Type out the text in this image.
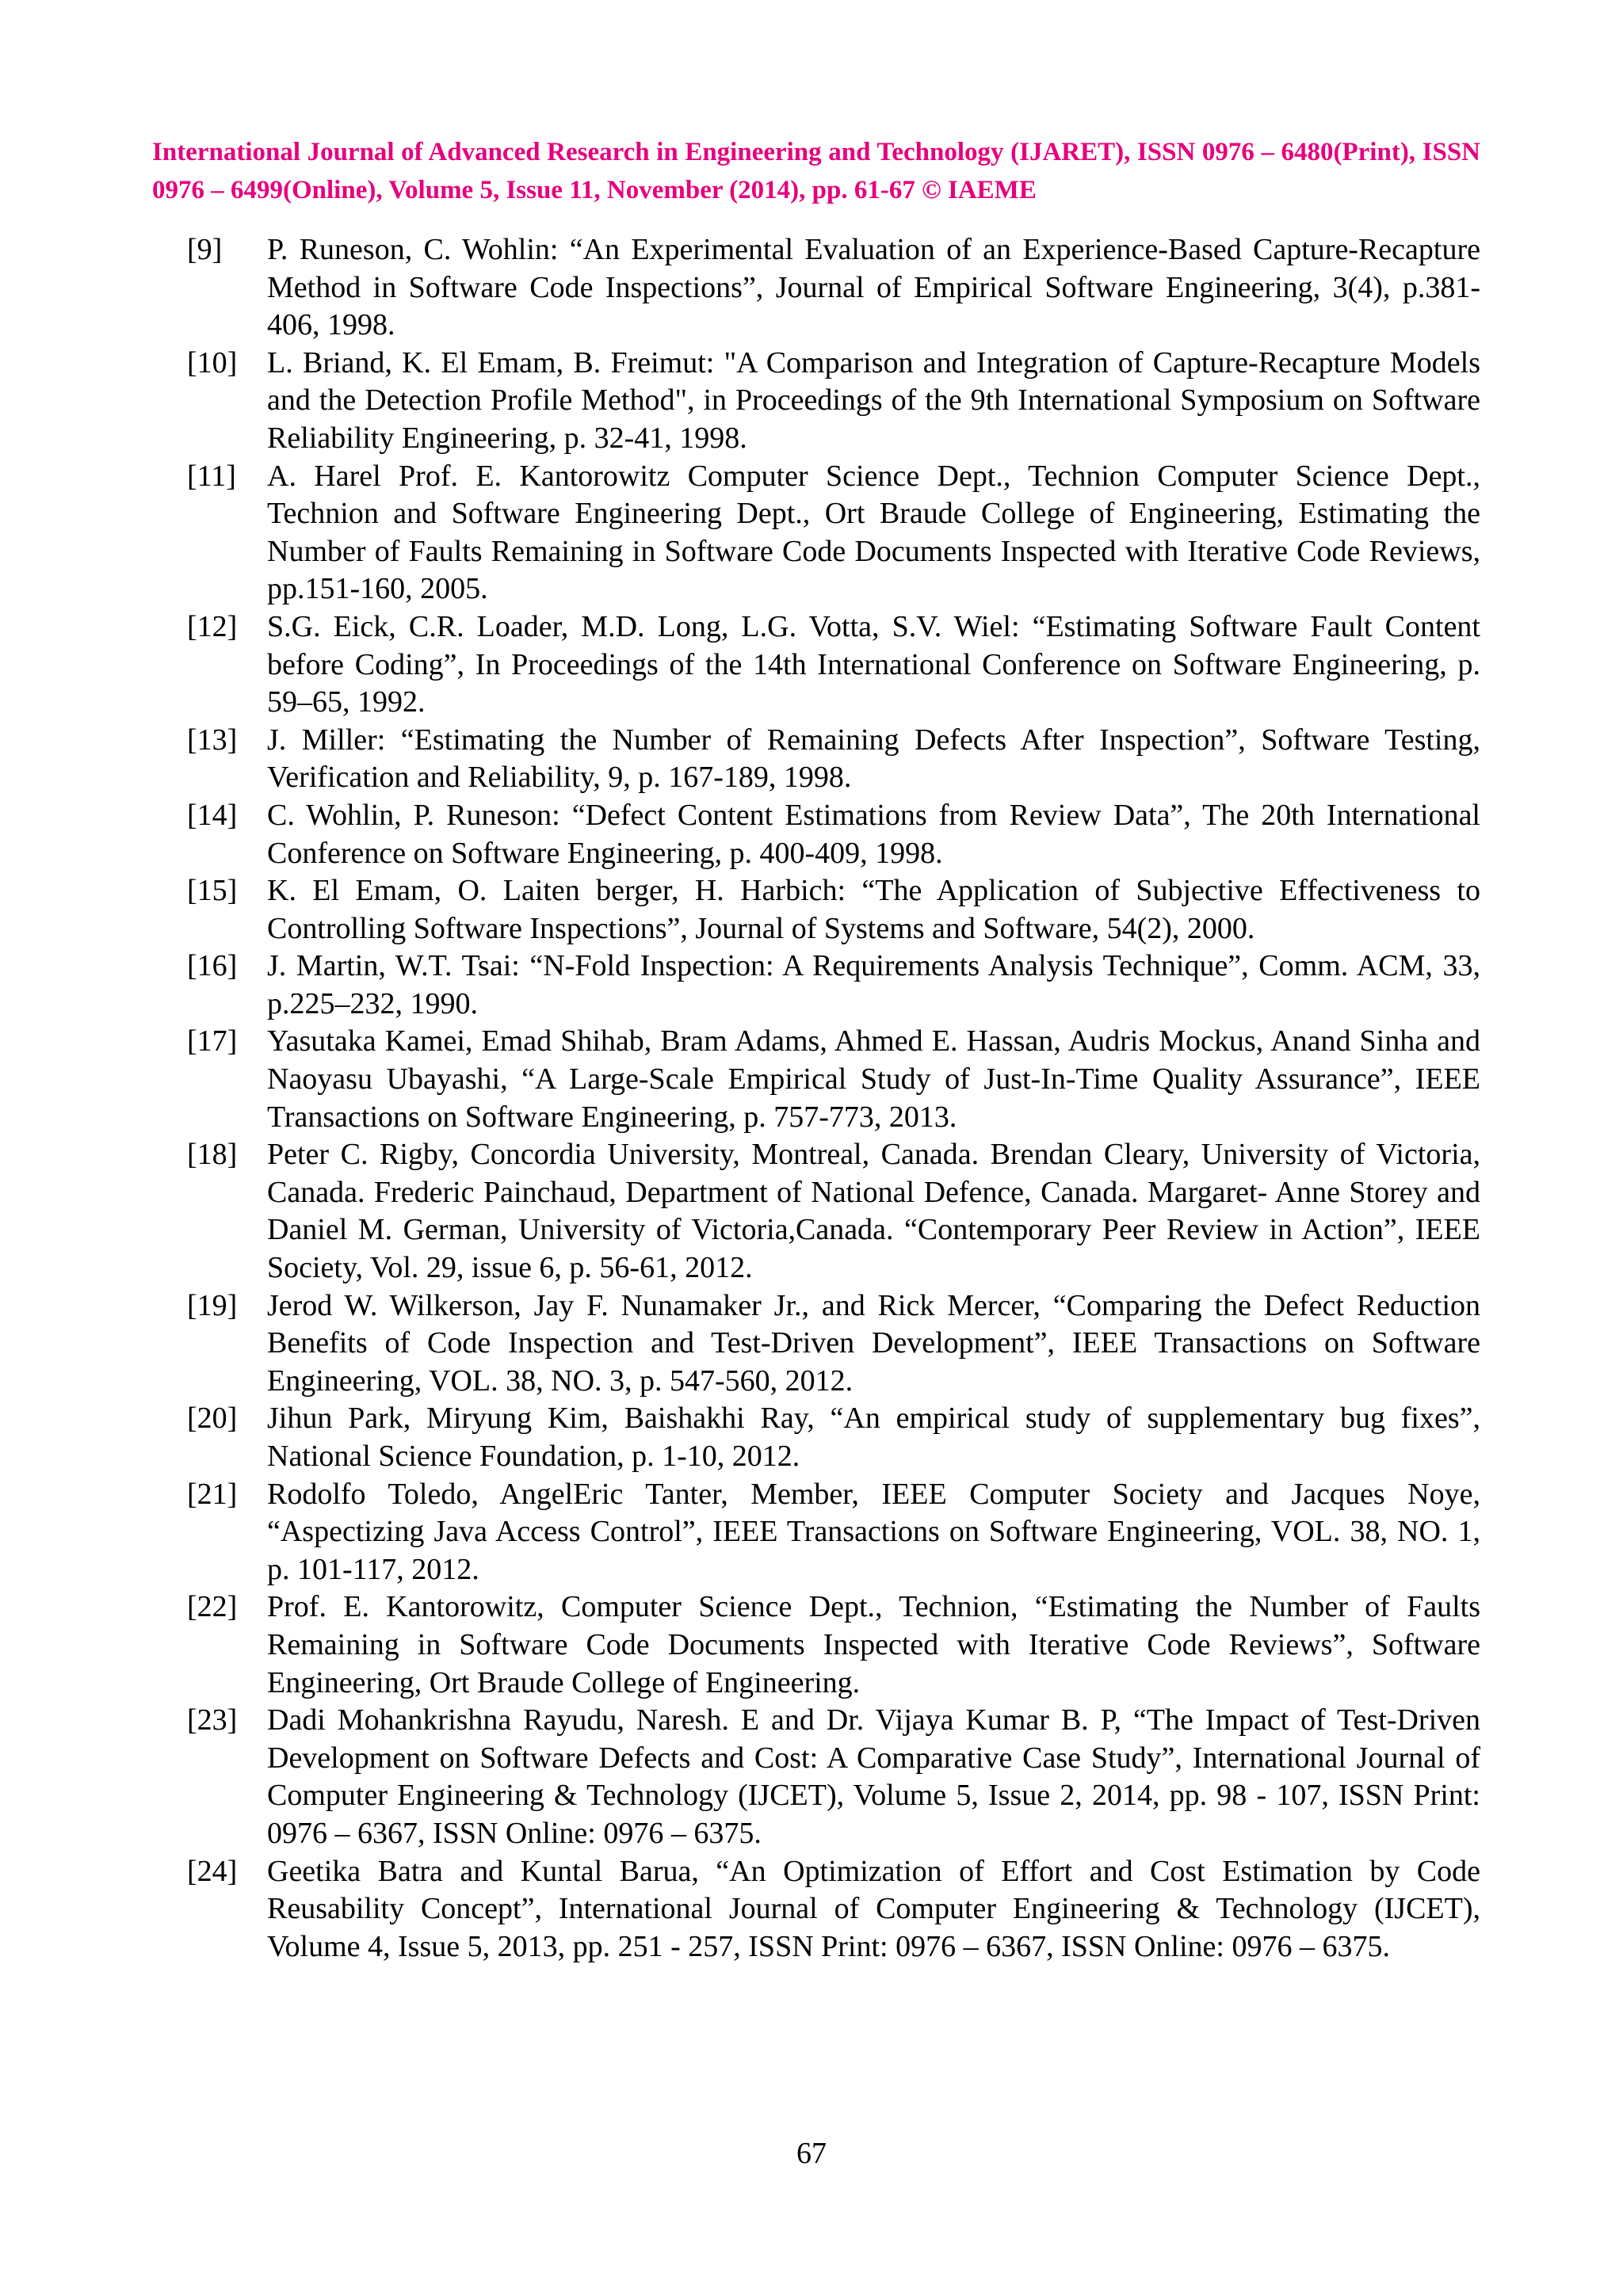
International Journal of Advanced Research in Engineering and Technology (IJARET), ISSN 0976 – 6480(Print), ISSN 0976 – 6499(Online), Volume 5, Issue 11, November (2014), pp. 61-67 © IAEME
[9]	P. Runeson, C. Wohlin: “An Experimental Evaluation of an Experience-Based Capture-Recapture Method in Software Code Inspections”, Journal of Empirical Software Engineering, 3(4), p.381-406, 1998.
[10] L. Briand, K. El Emam, B. Freimut: "A Comparison and Integration of Capture-Recapture Models and the Detection Profile Method", in Proceedings of the 9th International Symposium on Software Reliability Engineering, p. 32-41, 1998.
[11]	A. Harel Prof. E. Kantorowitz Computer Science Dept., Technion Computer Science Dept., Technion and Software Engineering Dept., Ort Braude College of Engineering, Estimating the Number of Faults Remaining in Software Code Documents Inspected with Iterative Code Reviews, pp.151-160, 2005.
[12] S.G. Eick, C.R. Loader, M.D. Long, L.G. Votta, S.V. Wiel: “Estimating Software Fault Content before Coding”, In Proceedings of the 14th International Conference on Software Engineering, p. 59–65, 1992.
[13] J. Miller: “Estimating the Number of Remaining Defects After Inspection”, Software Testing, Verification and Reliability, 9, p. 167-189, 1998.
[14] C. Wohlin, P. Runeson: “Defect Content Estimations from Review Data”, The 20th International Conference on Software Engineering, p. 400-409, 1998.
[15] K. El Emam, O. Laiten berger, H. Harbich: “The Application of Subjective Effectiveness to Controlling Software Inspections”, Journal of Systems and Software, 54(2), 2000.
[16] J. Martin, W.T. Tsai: “N-Fold Inspection: A Requirements Analysis Technique”, Comm. ACM, 33, p.225–232, 1990.
[17] Yasutaka Kamei, Emad Shihab, Bram Adams, Ahmed E. Hassan, Audris Mockus, Anand Sinha and Naoyasu Ubayashi, “A Large-Scale Empirical Study of Just-In-Time Quality Assurance”, IEEE Transactions on Software Engineering, p. 757-773, 2013.
[18] Peter C. Rigby, Concordia University, Montreal, Canada. Brendan Cleary, University of Victoria, Canada. Frederic Painchaud, Department of National Defence, Canada. Margaret- Anne Storey and Daniel M. German, University of Victoria,Canada. “Contemporary Peer Review in Action”, IEEE Society, Vol. 29, issue 6, p. 56-61, 2012.
[19] Jerod W. Wilkerson, Jay F. Nunamaker Jr., and Rick Mercer, “Comparing the Defect Reduction Benefits of Code Inspection and Test-Driven Development”, IEEE Transactions on Software Engineering, VOL. 38, NO. 3, p. 547-560, 2012.
[20] Jihun Park, Miryung Kim, Baishakhi Ray, “An empirical study of supplementary bug fixes”, National Science Foundation, p. 1-10, 2012.
[21] Rodolfo Toledo, AngelEric Tanter, Member, IEEE Computer Society and Jacques Noye, “Aspectizing Java Access Control”, IEEE Transactions on Software Engineering, VOL. 38, NO. 1, p. 101-117, 2012.
[22] Prof. E. Kantorowitz, Computer Science Dept., Technion, “Estimating the Number of Faults Remaining in Software Code Documents Inspected with Iterative Code Reviews”, Software Engineering, Ort Braude College of Engineering.
[23] Dadi Mohankrishna Rayudu, Naresh. E and Dr. Vijaya Kumar B. P, “The Impact of Test-Driven Development on Software Defects and Cost: A Comparative Case Study”, International Journal of Computer Engineering & Technology (IJCET), Volume 5, Issue 2, 2014, pp. 98 - 107, ISSN Print: 0976 – 6367, ISSN Online: 0976 – 6375.
[24] Geetika Batra and Kuntal Barua, “An Optimization of Effort and Cost Estimation by Code Reusability Concept”, International Journal of Computer Engineering & Technology (IJCET), Volume 4, Issue 5, 2013, pp. 251 - 257, ISSN Print: 0976 – 6367, ISSN Online: 0976 – 6375.
67
